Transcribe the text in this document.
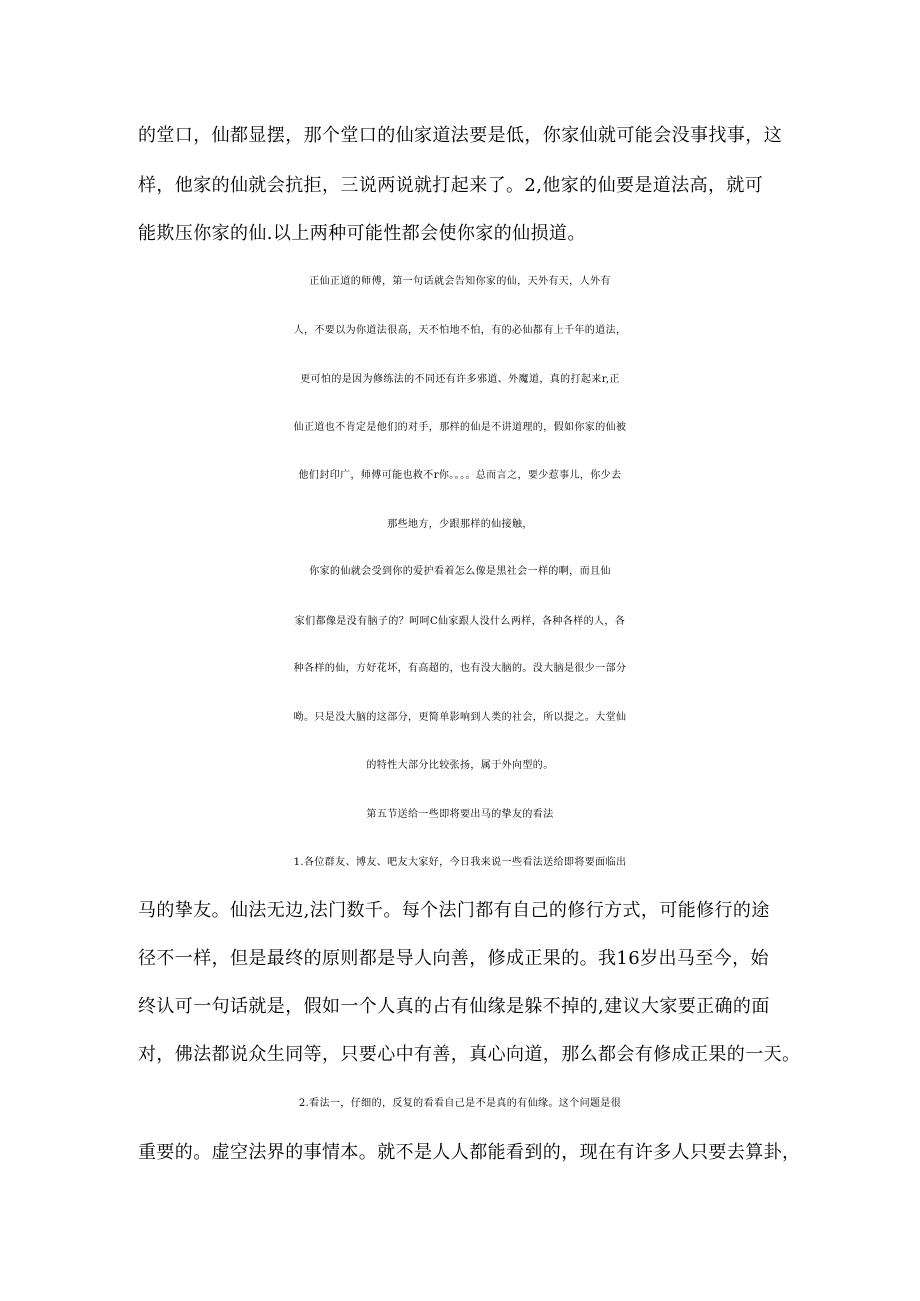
的堂口，仙都显摆，那个堂口的仙家道法要是低，你家仙就可能会没事找事，这
样，他家的仙就会抗拒，三说两说就打起来了。2,他家的仙要是道法高，就可
能欺压你家的仙.以上两种可能性都会使你家的仙损道。
正仙正道的师傅，第一句话就会告知你家的仙，天外有天，人外有
人，不要以为你道法很高，天不怕地不怕，有的必仙都有上千年的道法，
更可怕的是因为修练法的不同还有许多邪道、外魔道，真的打起来r,正
仙正道也不肯定是他们的对手，那样的仙是不讲道理的，假如你家的仙被
他们封印广，师傅可能也救不r你。。。。总而言之，要少惹事儿，你少去
那些地方，少跟那样的仙接触，
你家的仙就会受到你的爱护看着怎么像是黑社会一样的啊，而且仙
家们都像是没有脑子的？呵呵C仙家跟人没什么两样，各种各样的人，各
种各样的仙，方好花坏，有高超的，也有没大脑的。没大脑是很少一部分
呦。只是没大脑的这部分，更简单影响到人类的社会，所以提之。大堂仙
的特性大部分比较张扬，属于外向型的。
第五节送给一些即将要出马的挚友的看法
1.各位群友、博友、吧友大家好，今日我来说一些看法送给即将要面临出
马的挚友。仙法无边,法门数千。每个法门都有自己的修行方式，可能修行的途
径不一样，但是最终的原则都是导人向善，修成正果的。我16岁出马至今，始
终认可一句话就是，假如一个人真的占有仙缘是躲不掉的,建议大家要正确的面
对，佛法都说众生同等，只要心中有善，真心向道，那么都会有修成正果的一天。
2.看法一，仔细的，反复的看看自己是不是真的有仙缘。这个问题是很
重要的。虚空法界的事情本。就不是人人都能看到的，现在有许多人只要去算卦，
